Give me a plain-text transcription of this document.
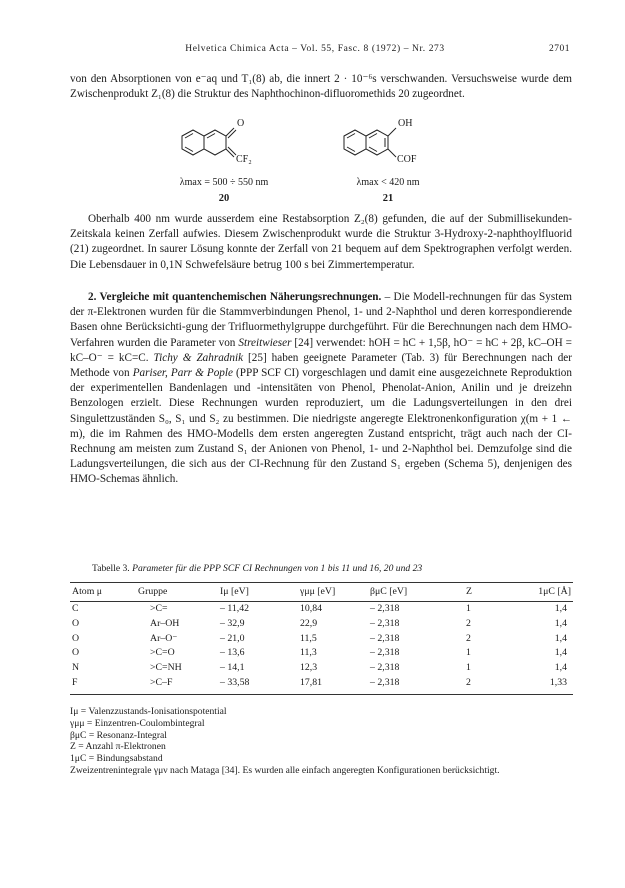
Helvetica Chimica Acta – Vol. 55, Fasc. 8 (1972) – Nr. 273	2701

von den Absorptionen von e⁻aq und T₁(8) ab, die innert 2 · 10⁻⁶s verschwanden. Versuchsweise wurde dem Zwischenprodukt Z₁(8) die Struktur des Naphthochinon-difluoromethids 20 zugeordnet.

O
CF₂
λmax = 500 ÷ 550 nm
20
OH
COF
λmax < 420 nm
21

Oberhalb 400 nm wurde ausserdem eine Restabsorption Z₂(8) gefunden, die auf der Submillisekunden-Zeitskala keinen Zerfall aufwies. Diesem Zwischenprodukt wurde die Struktur 3-Hydroxy-2-naphthoylfluorid (21) zugeordnet. In saurer Lösung konnte der Zerfall von 21 bequem auf dem Spektrographen verfolgt werden. Die Lebensdauer in 0,1N Schwefelsäure betrug 100 s bei Zimmertemperatur.

2. Vergleiche mit quantenchemischen Näherungsrechnungen. – Die Modell-rechnungen für das System der π-Elektronen wurden für die Stammverbindungen Phenol, 1- und 2-Naphthol und deren korrespondierende Basen ohne Berücksichti-gung der Trifluormethylgruppe durchgeführt. Für die Berechnungen nach dem HMO-Verfahren wurden die Parameter von Streitwieser [24] verwendet: hOH = hC + 1,5β, hO⁻ = hC + 2β, kC–OH = kC–O⁻ = kC=C. Tichy & Zahradnik [25] haben geeignete Parameter (Tab. 3) für Berechnungen nach der Methode von Pariser, Parr & Pople (PPP SCF CI) vorgeschlagen und damit eine ausgezeichnete Reproduktion der experimentellen Bandenlagen und -intensitäten von Phenol, Phenolat-Anion, Anilin und je dreizehn Benzologen erzielt. Diese Rechnungen wurden reproduziert, um die Ladungsverteilungen in den drei Singulettzuständen S₀, S₁ und S₂ zu bestimmen. Die niedrigste angeregte Elektronenkonfiguration χ(m + 1 ← m), die im Rahmen des HMO-Modells dem ersten angeregten Zustand entspricht, trägt auch nach der CI-Rechnung am meisten zum Zustand S₁ der Anionen von Phenol, 1- und 2-Naphthol bei. Demzufolge sind die Ladungsverteilungen, die sich aus der CI-Rechnung für den Zustand S₁ ergeben (Schema 5), denjenigen des HMO-Schemas ähnlich.

Tabelle 3. Parameter für die PPP SCF CI Rechnungen von 1 bis 11 und 16, 20 und 23
Atom μ	Gruppe	Iμ [eV]	γμμ [eV]	βμC [eV]	Z	1μC [Å]
C	>C=	– 11,42	10,84	– 2,318	1	1,4
O	Ar–OH	– 32,9	22,9	– 2,318	2	1,4
O	Ar–O⁻	– 21,0	11,5	– 2,318	2	1,4
O	>C=O	– 13,6	11,3	– 2,318	1	1,4
N	>C=NH	– 14,1	12,3	– 2,318	1	1,4
F	>C–F	– 33,58	17,81	– 2,318	2	1,33
Iμ = Valenzzustands-Ionisationspotential
γμμ = Einzentren-Coulombintegral
βμC = Resonanz-Integral
Z = Anzahl π-Elektronen
1μC = Bindungsabstand
Zweizentrenintegrale γμν nach Mataga [34]. Es wurden alle einfach angeregten Konfigurationen berücksichtigt.
